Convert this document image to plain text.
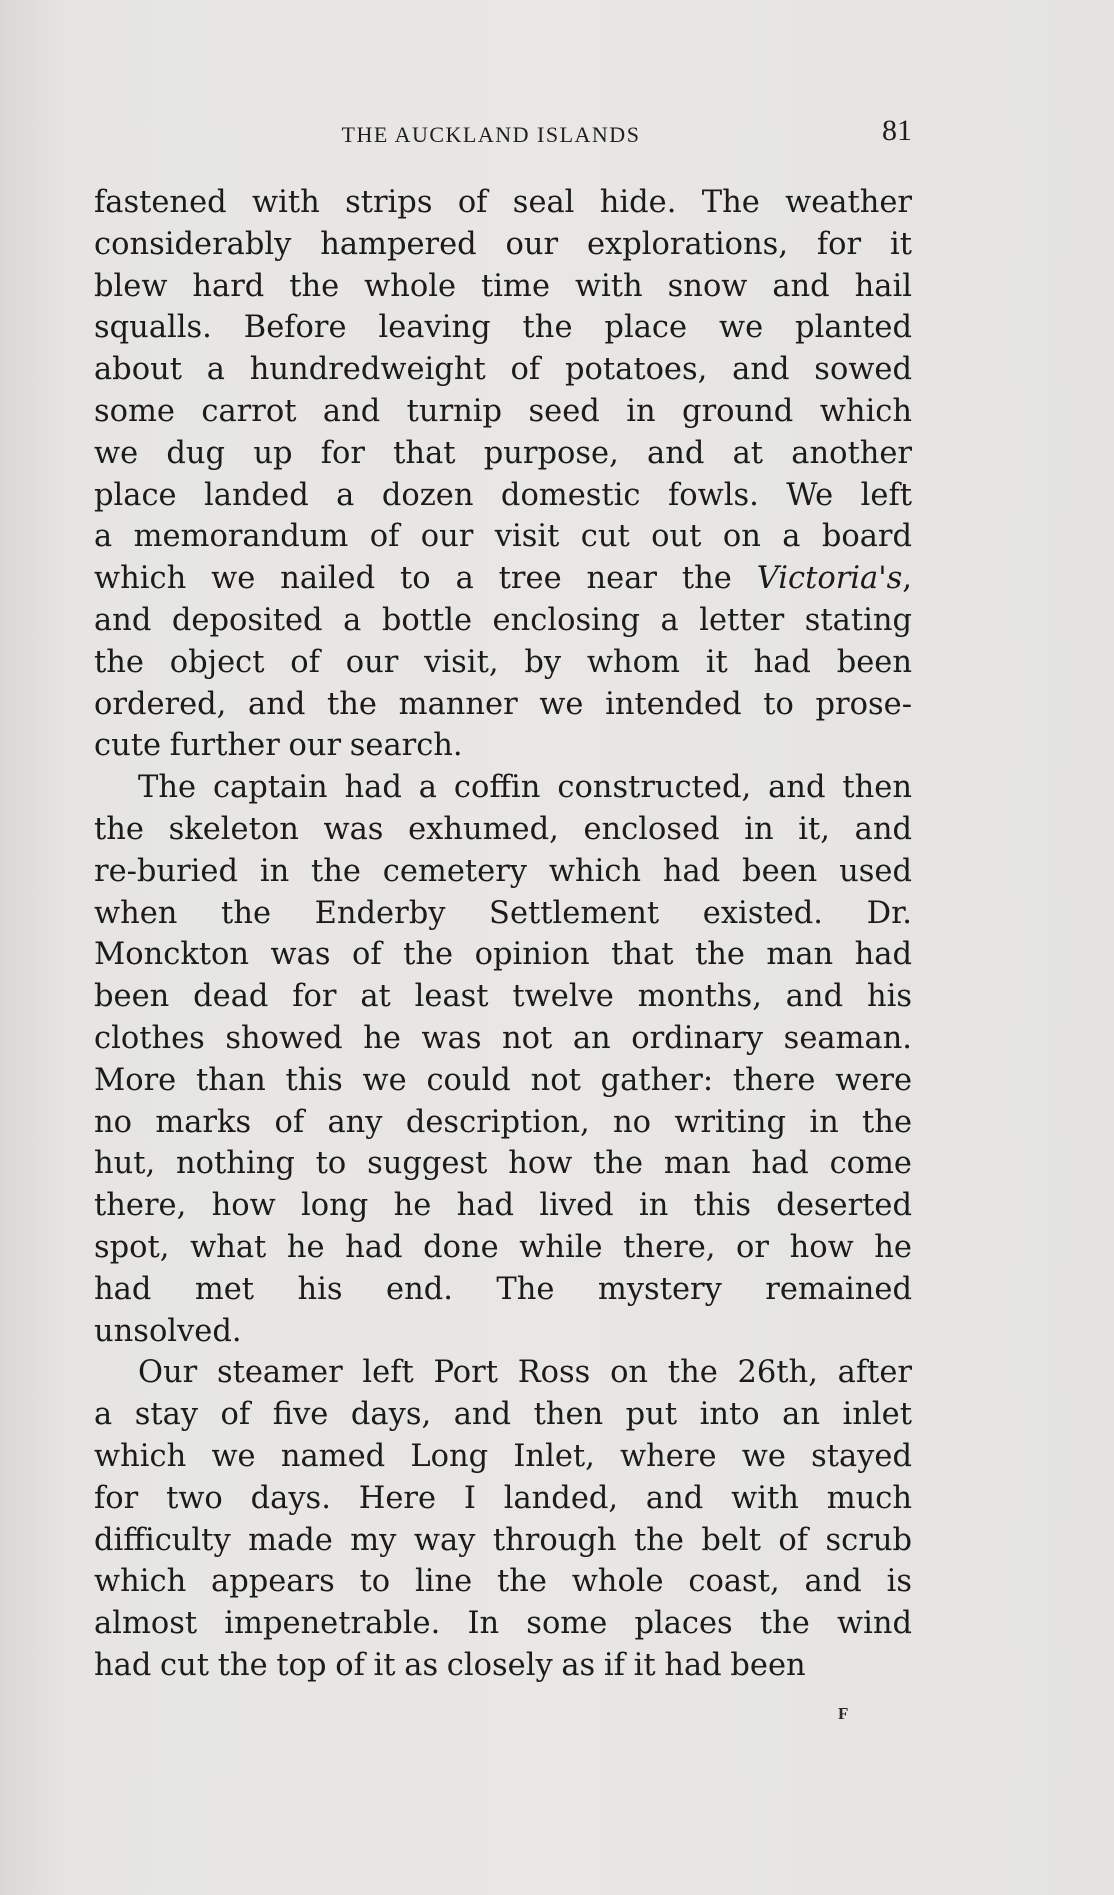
THE AUCKLAND ISLANDS	81
fastened with strips of seal hide. The weather
considerably hampered our explorations, for it
blew hard the whole time with snow and hail
squalls. Before leaving the place we planted
about a hundredweight of potatoes, and sowed
some carrot and turnip seed in ground which
we dug up for that purpose, and at another
place landed a dozen domestic fowls. We left
a memorandum of our visit cut out on a board
which we nailed to a tree near the Victoria's,
and deposited a bottle enclosing a letter stating
the object of our visit, by whom it had been
ordered, and the manner we intended to prose-
cute further our search.
The captain had a coffin constructed, and then
the skeleton was exhumed, enclosed in it, and
re-buried in the cemetery which had been used
when the Enderby Settlement existed. Dr.
Monckton was of the opinion that the man had
been dead for at least twelve months, and his
clothes showed he was not an ordinary seaman.
More than this we could not gather: there were
no marks of any description, no writing in the
hut, nothing to suggest how the man had come
there, how long he had lived in this deserted
spot, what he had done while there, or how he
had met his end. The mystery remained
unsolved.
Our steamer left Port Ross on the 26th, after
a stay of five days, and then put into an inlet
which we named Long Inlet, where we stayed
for two days. Here I landed, and with much
difficulty made my way through the belt of scrub
which appears to line the whole coast, and is
almost impenetrable. In some places the wind
had cut the top of it as closely as if it had been
F
